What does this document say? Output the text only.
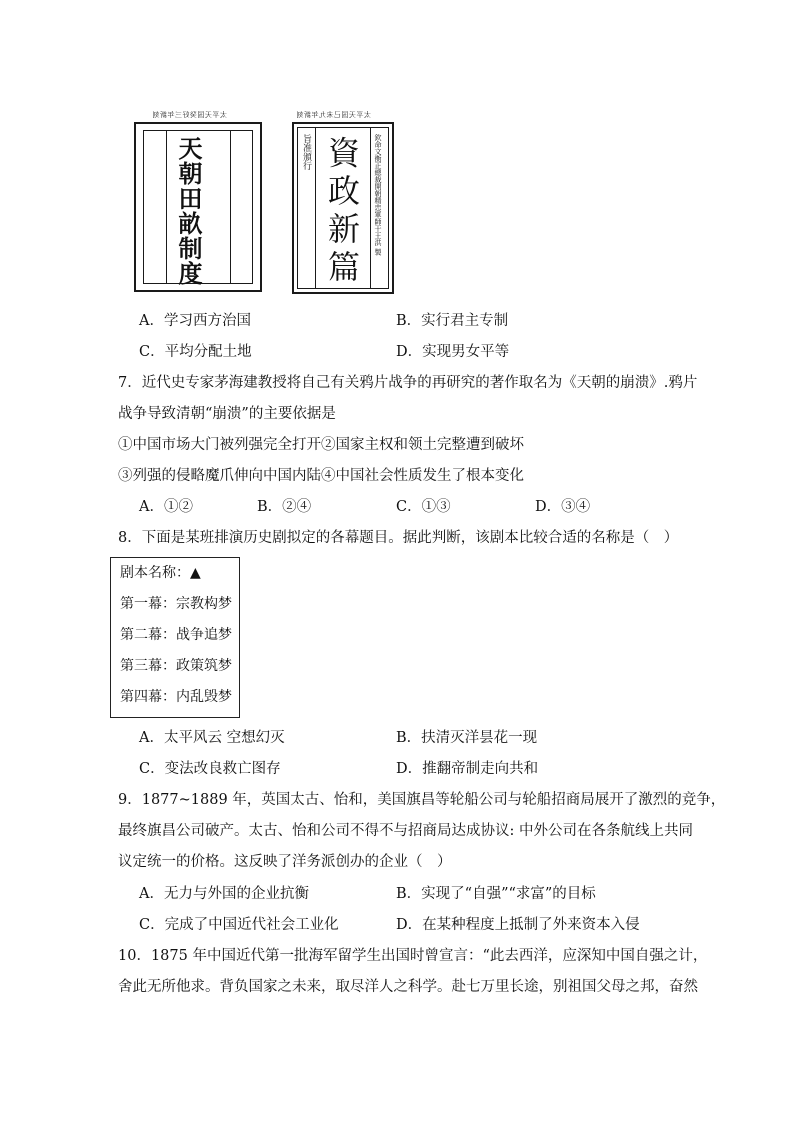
太平天国癸好三年新刻
天朝田畝制度
太平天国己未九年新刻
旨准頒行 資政新篇 欽命文衡正總裁開朝精忠軍師干王洪 製
A．学习西方治国	B．实行君主专制
C．平均分配土地	D．实现男女平等
7．近代史专家茅海建教授将自己有关鸦片战争的再研究的著作取名为《天朝的崩溃》.鸦片
战争导致清朝“崩溃”的主要依据是
①中国市场大门被列强完全打开②国家主权和领土完整遭到破坏
③列强的侵略魔爪伸向中国内陆④中国社会性质发生了根本变化
A．①②	B．②④	C．①③	D．③④
8．下面是某班排演历史剧拟定的各幕题目。据此判断，该剧本比较合适的名称是（　）
剧本名称：▲
第一幕：宗教构梦
第二幕：战争追梦
第三幕：政策筑梦
第四幕：内乱毁梦
A．太平风云 空想幻灭	B．扶清灭洋昙花一现
C．变法改良救亡图存	D．推翻帝制走向共和
9．1877~1889 年，英国太古、怡和，美国旗昌等轮船公司与轮船招商局展开了激烈的竞争，
最终旗昌公司破产。太古、怡和公司不得不与招商局达成协议: 中外公司在各条航线上共同
议定统一的价格。这反映了洋务派创办的企业（　）
A．无力与外国的企业抗衡	B．实现了“自强”“求富”的目标
C．完成了中国近代社会工业化	D．在某种程度上抵制了外来资本入侵
10．1875 年中国近代第一批海军留学生出国时曾宣言：“此去西洋，应深知中国自强之计，
舍此无所他求。背负国家之未来，取尽洋人之科学。赴七万里长途，别祖国父母之邦，奋然
